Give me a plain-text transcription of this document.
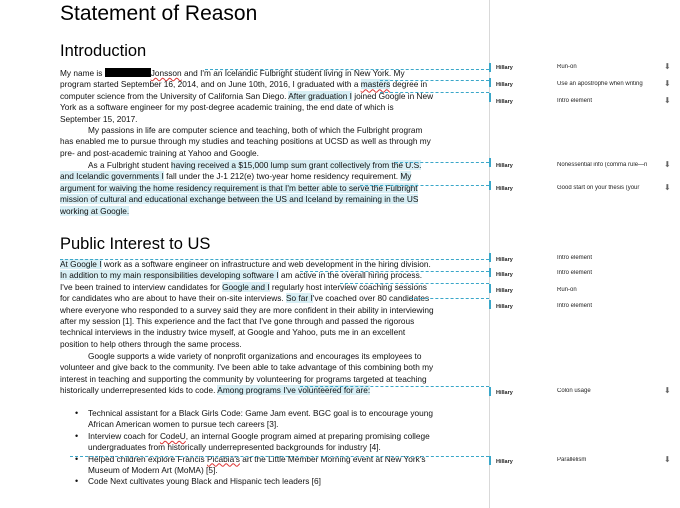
Statement of Reason
Introduction

My name is	Jonsson and I'm an Icelandic Fulbright student living in New York. My program started September 16, 2014, and on June 10th, 2016, I graduated with a masters degree in computer science from the University of California San Diego. After graduation I joined Google in New York as a software engineer for my post-degree academic training, the end date of which is September 15, 2017.

My passions in life are computer science and teaching, both of which the Fulbright program has enabled me to pursue through my studies and teaching positions at UCSD as well as through my pre- and post-academic training at Yahoo and Google.

As a Fulbright student having received a $15,000 lump sum grant collectively from the U.S. and Icelandic governments I fall under the J-1 212(e) two-year home residency requirement. My argument for waiving the home residency requirement is that I'm better able to serve the Fulbright mission of cultural and educational exchange between the US and Iceland by remaining in the US working at Google.

Public Interest to US

At Google I work as a software engineer on infrastructure and web development in the hiring division. In addition to my main responsibilities developing software I am active in the overall hiring process. I've been trained to interview candidates for Google and I regularly host interview coaching sessions for candidates who are about to have their on-site interviews. So far I've coached over 80 candidates where everyone who responded to a survey said they are more confident in their ability in interviewing after my session [1]. This experience and the fact that I've gone through and passed the rigorous technical interviews in the industry twice myself, at Google and Yahoo, puts me in an excellent position to help others through the same process.

Google supports a wide variety of nonprofit organizations and encourages its employees to volunteer and give back to the community. I've been able to take advantage of this combining both my interest in teaching and supporting the community by volunteering for programs targeted at teaching historically underrepresented kids to code. Among programs I've volunteered for are:

• Technical assistant for a Black Girls Code: Game Jam event. BGC goal is to encourage young African American women to pursue tech careers [3].
• Interview coach for CodeU, an internal Google program aimed at preparing promising college undergraduates from historically underrepresented backgrounds for industry [4].
• Helped children explore Francis Picabia's art the Little Member Morning event at New York's Museum of Modern Art (MoMA) [5].
• Code Next cultivates young Black and Hispanic tech leaders [6]
Hillary	Run-on	⬇
Hillary	Use an apostrophe when writing	⬇
Hillary	Intro element	⬇
Hillary	Nonessential info (comma rule—n	⬇
Hillary	Good start on your thesis (your	⬇
Hillary	Intro element
Hillary	Intro element
Hillary	Run-on
Hillary	Intro element
Hillary	Colon usage	⬇
Hillary	Parallelism	⬇
